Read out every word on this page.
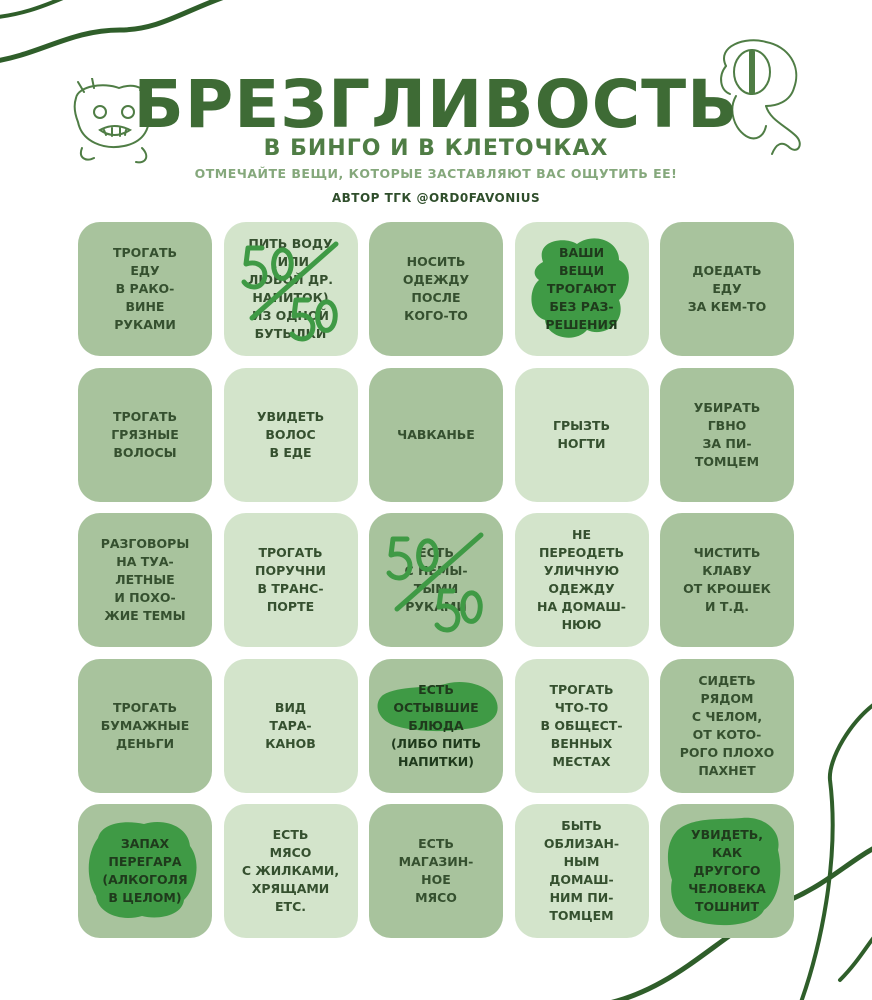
БРЕЗГЛИВОСТЬ
В БИНГО И В КЛЕТОЧКАХ
ОТМЕЧАЙТЕ ВЕЩИ, КОТОРЫЕ ЗАСТАВЛЯЮТ ВАС ОЩУТИТЬ ЕЕ!
АВТОР ТГК @ORD0FAVONIUS
ТРОГАТЬ
ЕДУ
В РАКО-
ВИНЕ
РУКАМИ
ПИТЬ ВОДУ
(ИЛИ
ЛЮБОЙ ДР.
НАПИТОК)
ИЗ ОДНОЙ
БУТЫЛКИ
НОСИТЬ
ОДЕЖДУ
ПОСЛЕ
КОГО-ТО
ВАШИ
ВЕЩИ
ТРОГАЮТ
БЕЗ РАЗ-
РЕШЕНИЯ
ДОЕДАТЬ
ЕДУ
ЗА КЕМ-ТО
ТРОГАТЬ
ГРЯЗНЫЕ
ВОЛОСЫ
УВИДЕТЬ
ВОЛОС
В ЕДЕ
ЧАВКАНЬЕ
ГРЫЗТЬ
НОГТИ
УБИРАТЬ
ГВНО
ЗА ПИ-
ТОМЦЕМ
РАЗГОВОРЫ
НА ТУА-
ЛЕТНЫЕ
И ПОХО-
ЖИЕ ТЕМЫ
ТРОГАТЬ
ПОРУЧНИ
В ТРАНС-
ПОРТЕ
ЕСТЬ
С НЕМЫ-
ТЫМИ
РУКАМИ
НЕ
ПЕРЕОДЕТЬ
УЛИЧНУЮ
ОДЕЖДУ
НА ДОМАШ-
НЮЮ
ЧИСТИТЬ
КЛАВУ
ОТ КРОШЕК
И Т.Д.
ТРОГАТЬ
БУМАЖНЫЕ
ДЕНЬГИ
ВИД
ТАРА-
КАНОВ
ЕСТЬ
ОСТЫВШИЕ
БЛЮДА
(ЛИБО ПИТЬ
НАПИТКИ)
ТРОГАТЬ
ЧТО-ТО
В ОБЩЕСТ-
ВЕННЫХ
МЕСТАХ
СИДЕТЬ
РЯДОМ
С ЧЕЛОМ,
ОТ КОТО-
РОГО ПЛОХО
ПАХНЕТ
ЗАПАХ
ПЕРЕГАРА
(АЛКОГОЛЯ
В ЦЕЛОМ)
ЕСТЬ
МЯСО
С ЖИЛКАМИ,
ХРЯЩАМИ
ETC.
ЕСТЬ
МАГАЗИН-
НОЕ
МЯСО
БЫТЬ
ОБЛИЗАН-
НЫМ
ДОМАШ-
НИМ ПИ-
ТОМЦЕМ
УВИДЕТЬ,
КАК
ДРУГОГО
ЧЕЛОВЕКА
ТОШНИТ
